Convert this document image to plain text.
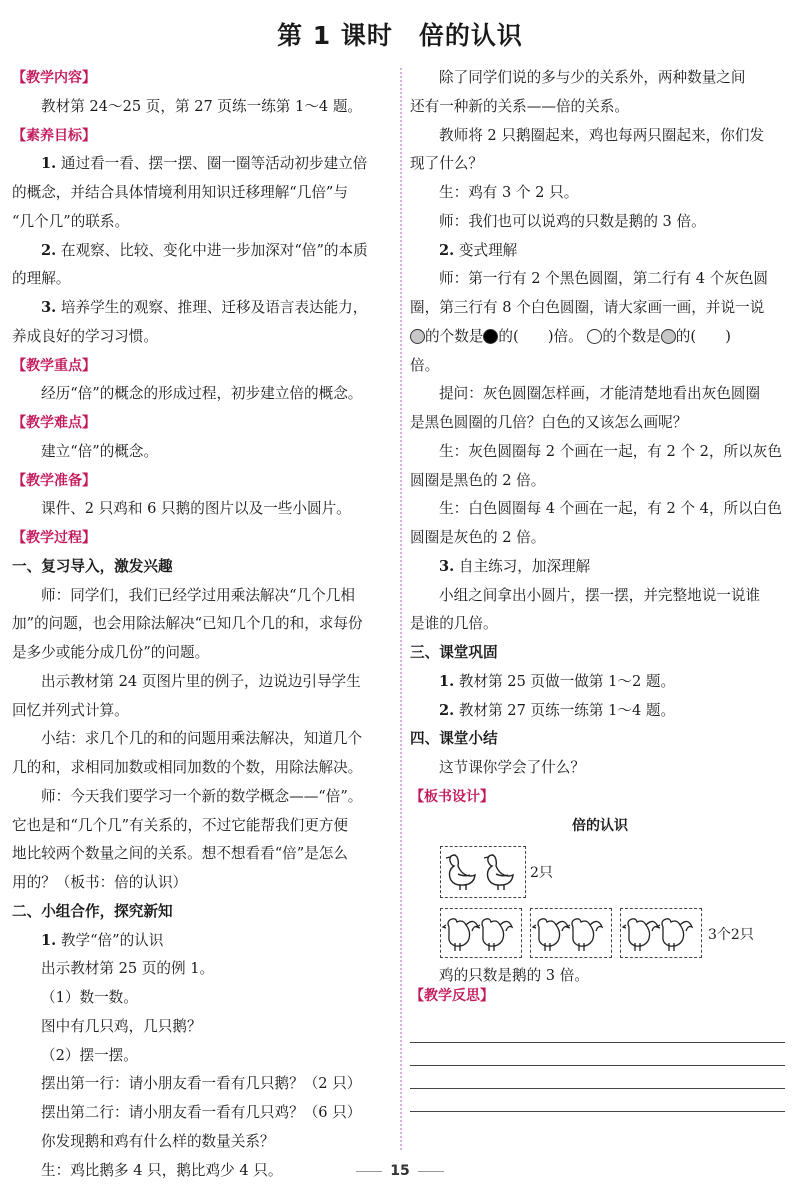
第 1 课时　倍的认识
【教学内容】
教材第 24～25 页，第 27 页练一练第 1～4 题。
【素养目标】
1. 通过看一看、摆一摆、圈一圈等活动初步建立倍
的概念，并结合具体情境利用知识迁移理解“几倍”与
“几个几”的联系。
2. 在观察、比较、变化中进一步加深对“倍”的本质
的理解。
3. 培养学生的观察、推理、迁移及语言表达能力，
养成良好的学习习惯。
【教学重点】
经历“倍”的概念的形成过程，初步建立倍的概念。
【教学难点】
建立“倍”的概念。
【教学准备】
课件、2 只鸡和 6 只鹅的图片以及一些小圆片。
【教学过程】
一、复习导入，激发兴趣
师：同学们，我们已经学过用乘法解决“几个几相
加”的问题，也会用除法解决“已知几个几的和，求每份
是多少或能分成几份”的问题。
出示教材第 24 页图片里的例子，边说边引导学生
回忆并列式计算。
小结：求几个几的和的问题用乘法解决，知道几个
几的和，求相同加数或相同加数的个数，用除法解决。
师：今天我们要学习一个新的数学概念——“倍”。
它也是和“几个几”有关系的，不过它能帮我们更方便
地比较两个数量之间的关系。想不想看看“倍”是怎么
用的？（板书：倍的认识）
二、小组合作，探究新知
1. 教学“倍”的认识
出示教材第 25 页的例 1。
（1）数一数。
图中有几只鸡，几只鹅？
（2）摆一摆。
摆出第一行：请小朋友看一看有几只鹅？（2 只）
摆出第二行：请小朋友看一看有几只鸡？（6 只）
你发现鹅和鸡有什么样的数量关系？
生：鸡比鹅多 4 只，鹅比鸡少 4 只。
除了同学们说的多与少的关系外，两种数量之间
还有一种新的关系——倍的关系。
教师将 2 只鹅圈起来，鸡也每两只圈起来，你们发
现了什么？
生：鸡有 3 个 2 只。
师：我们也可以说鸡的只数是鹅的 3 倍。
2. 变式理解
师：第一行有 2 个黑色圆圈，第二行有 4 个灰色圆
圈，第三行有 8 个白色圆圈，请大家画一画，并说一说
的个数是 的(　　)倍。 的个数是 的(　　)
倍。
提问：灰色圆圈怎样画，才能清楚地看出灰色圆圈
是黑色圆圈的几倍？白色的又该怎么画呢？
生：灰色圆圈每 2 个画在一起，有 2 个 2，所以灰色
圆圈是黑色的 2 倍。
生：白色圆圈每 4 个画在一起，有 2 个 4，所以白色
圆圈是灰色的 2 倍。
3. 自主练习，加深理解
小组之间拿出小圆片，摆一摆，并完整地说一说谁
是谁的几倍。
三、课堂巩固
1. 教材第 25 页做一做第 1～2 题。
2. 教材第 27 页练一练第 1～4 题。
四、课堂小结
这节课你学会了什么？
【板书设计】
倍的认识
2只
3个2只
鸡的只数是鹅的 3 倍。
【教学反思】
15
